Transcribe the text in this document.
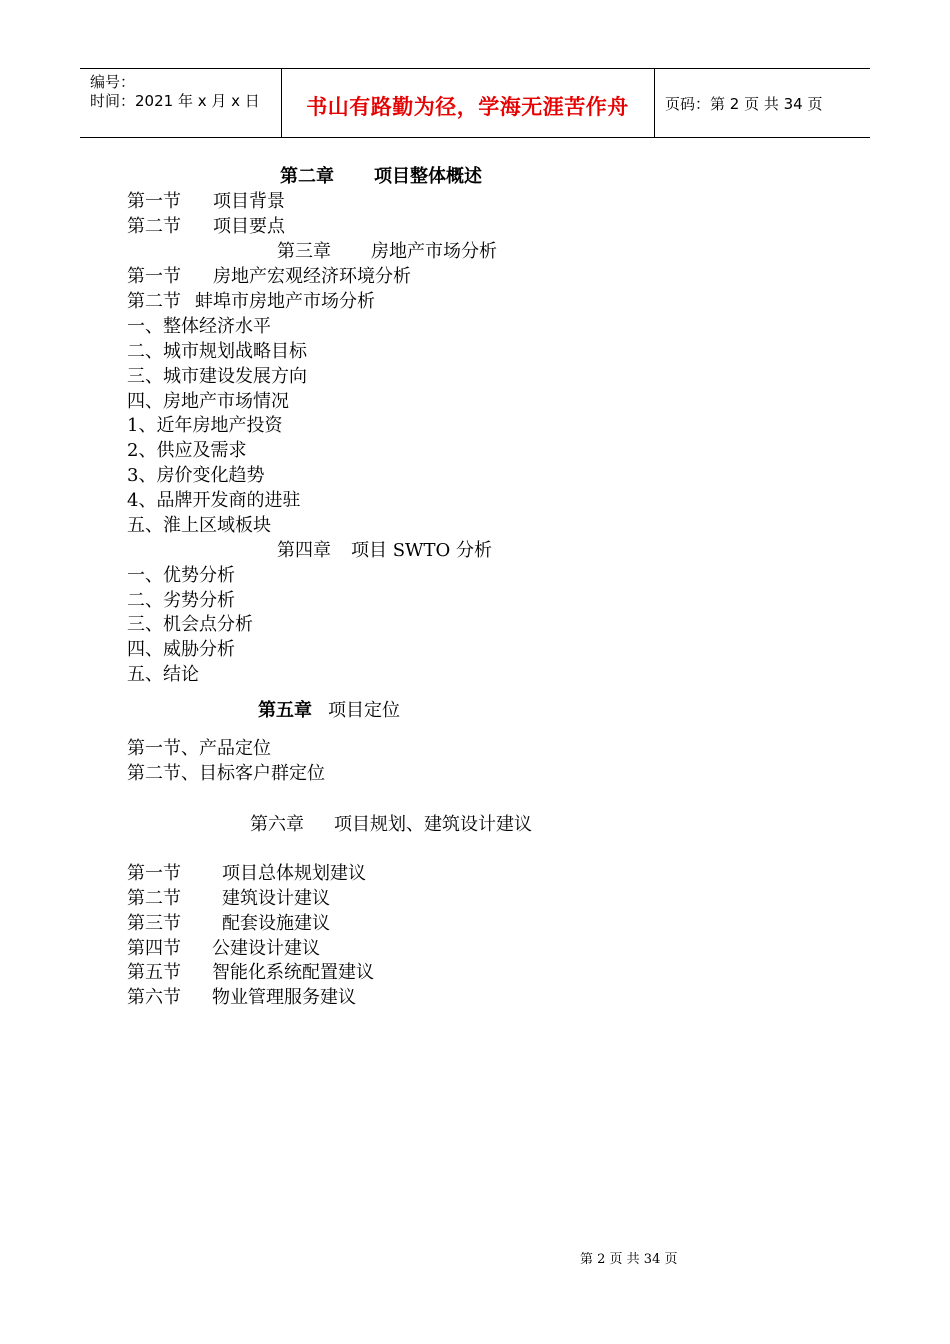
编号：
时间：2021 年 x 月 x 日	书山有路勤为径，学海无涯苦作舟	页码：第 2 页 共 34 页
第二章 项目整体概述
第一节 项目背景
第二节 项目要点
第三章 房地产市场分析
第一节 房地产宏观经济环境分析
第二节 蚌埠市房地产市场分析
一、整体经济水平
二、城市规划战略目标
三、城市建设发展方向
四、房地产市场情况
1、近年房地产投资
2、供应及需求
3、房价变化趋势
4、品牌开发商的进驻
五、淮上区域板块
第四章 项目 SWTO 分析
一、优势分析
二、劣势分析
三、机会点分析
四、威胁分析
五、结论
第五章 项目定位
第一节、产品定位
第二节、目标客户群定位
第六章 项目规划、建筑设计建议
第一节 项目总体规划建议
第二节 建筑设计建议
第三节 配套设施建议
第四节 公建设计建议
第五节 智能化系统配置建议
第六节 物业管理服务建议
第 2 页 共 34 页
